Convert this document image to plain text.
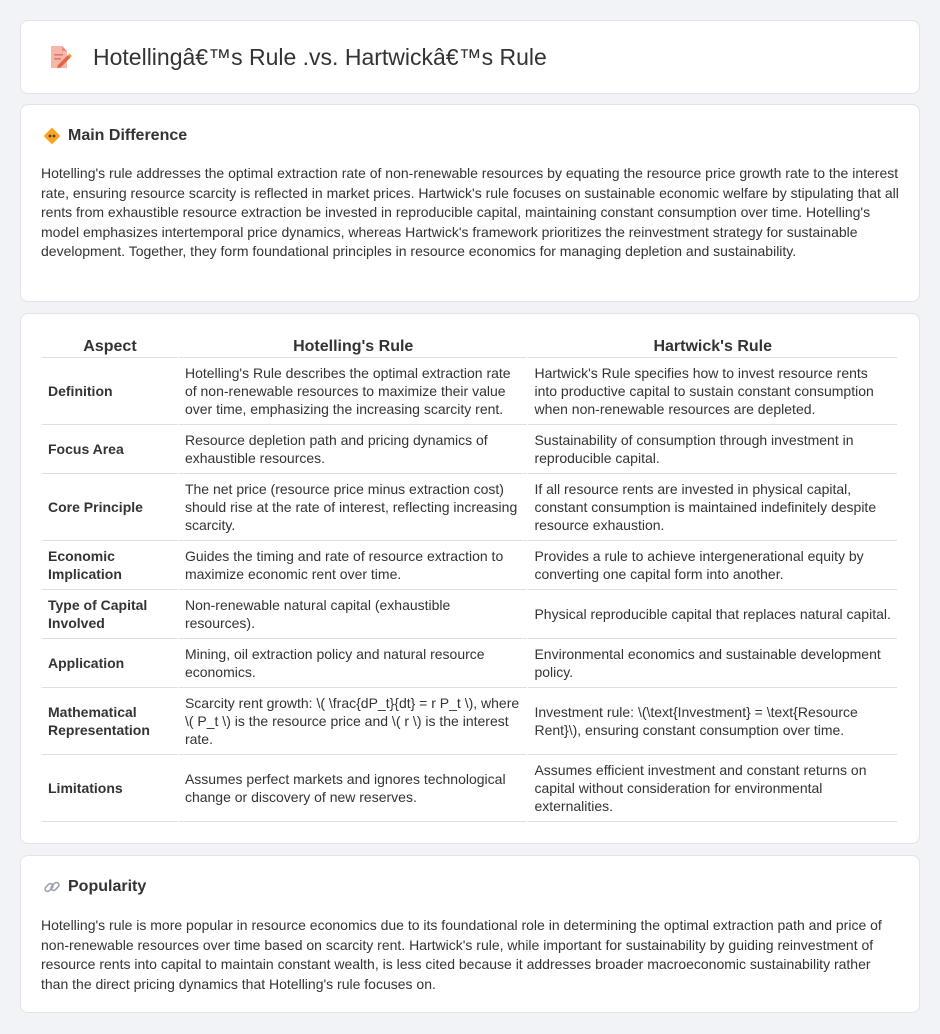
Hotellingâ€™s Rule .vs. Hartwickâ€™s Rule
Main Difference

Hotelling's rule addresses the optimal extraction rate of non-renewable resources by equating the resource price growth rate to the interest rate, ensuring resource scarcity is reflected in market prices. Hartwick's rule focuses on sustainable economic welfare by stipulating that all rents from exhaustible resource extraction be invested in reproducible capital, maintaining constant consumption over time. Hotelling's model emphasizes intertemporal price dynamics, whereas Hartwick's framework prioritizes the reinvestment strategy for sustainable development. Together, they form foundational principles in resource economics for managing depletion and sustainability.

Aspect	Hotelling's Rule	Hartwick's Rule
Definition	Hotelling's Rule describes the optimal extraction rate of non-renewable resources to maximize their value over time, emphasizing the increasing scarcity rent.	Hartwick's Rule specifies how to invest resource rents into productive capital to sustain constant consumption when non-renewable resources are depleted.
Focus Area	Resource depletion path and pricing dynamics of exhaustible resources.	Sustainability of consumption through investment in reproducible capital.
Core Principle	The net price (resource price minus extraction cost) should rise at the rate of interest, reflecting increasing scarcity.	If all resource rents are invested in physical capital, constant consumption is maintained indefinitely despite resource exhaustion.
Economic Implication	Guides the timing and rate of resource extraction to maximize economic rent over time.	Provides a rule to achieve intergenerational equity by converting one capital form into another.
Type of Capital Involved	Non-renewable natural capital (exhaustible resources).	Physical reproducible capital that replaces natural capital.
Application	Mining, oil extraction policy and natural resource economics.	Environmental economics and sustainable development policy.
Mathematical Representation	Scarcity rent growth: \( \frac{dP_t}{dt} = r P_t \), where \( P_t \) is the resource price and \( r \) is the interest rate.	Investment rule: \(\text{Investment} = \text{Resource Rent}\), ensuring constant consumption over time.
Limitations	Assumes perfect markets and ignores technological change or discovery of new reserves.	Assumes efficient investment and constant returns on capital without consideration for environmental externalities.
Popularity

Hotelling's rule is more popular in resource economics due to its foundational role in determining the optimal extraction path and price of non-renewable resources over time based on scarcity rent. Hartwick's rule, while important for sustainability by guiding reinvestment of resource rents into capital to maintain constant wealth, is less cited because it addresses broader macroeconomic sustainability rather than the direct pricing dynamics that Hotelling's rule focuses on.
